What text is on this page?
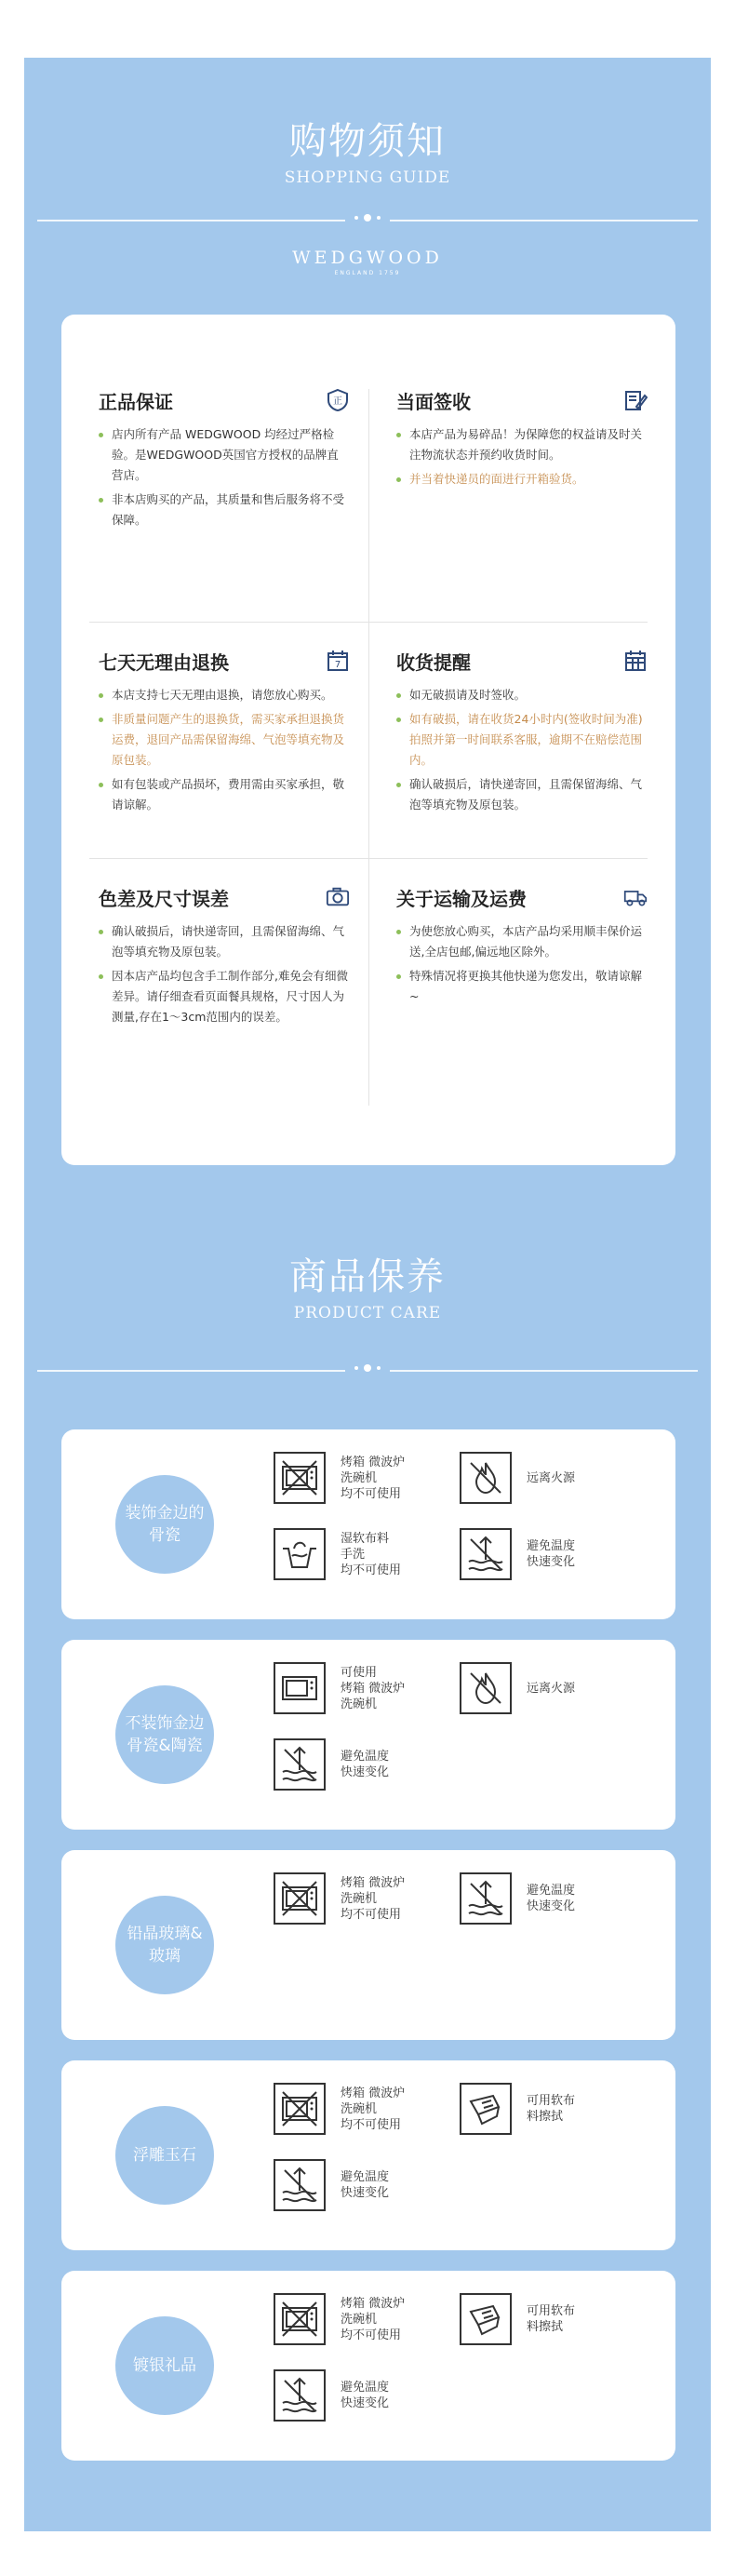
购物须知
SHOPPING GUIDE
WEDGWOOD
ENGLAND 1759
正品保证	正
店内所有产品 WEDGWOOD 均经过严格检验。是WEDGWOOD英国官方授权的品牌直营店。
非本店购买的产品，其质量和售后服务将不受保障。
当面签收
本店产品为易碎品！为保障您的权益请及时关注物流状态并预约收货时间。
并当着快递员的面进行开箱验货。
七天无理由退换	7
本店支持七天无理由退换，请您放心购买。
非质量问题产生的退换货，需买家承担退换货运费，退回产品需保留海绵、气泡等填充物及原包装。
如有包装或产品损坏，费用需由买家承担，敬请谅解。
收货提醒
如无破损请及时签收。
如有破损，请在收货24小时内(签收时间为准)拍照并第一时间联系客服，逾期不在赔偿范围内。
确认破损后，请快递寄回，且需保留海绵、气泡等填充物及原包装。
色差及尺寸误差
确认破损后，请快递寄回，且需保留海绵、气泡等填充物及原包装。
因本店产品均包含手工制作部分,难免会有细微差异。请仔细查看页面餐具规格，尺寸因人为测量,存在1～3cm范围内的误差。
关于运输及运费
为使您放心购买，本店产品均采用顺丰保价运送,全店包邮,偏远地区除外。
特殊情况将更换其他快递为您发出，敬请谅解~
商品保养
PRODUCT CARE
装饰金边的骨瓷
烤箱 微波炉
洗碗机
均不可使用
远离火源
湿软布料
手洗
均不可使用
避免温度
快速变化
不装饰金边骨瓷&陶瓷
可使用
烤箱 微波炉
洗碗机
远离火源
避免温度
快速变化
铅晶玻璃&玻璃
烤箱 微波炉
洗碗机
均不可使用
避免温度
快速变化
浮雕玉石
烤箱 微波炉
洗碗机
均不可使用
可用软布
料擦拭
避免温度
快速变化
镀银礼品
烤箱 微波炉
洗碗机
均不可使用
可用软布
料擦拭
避免温度
快速变化
